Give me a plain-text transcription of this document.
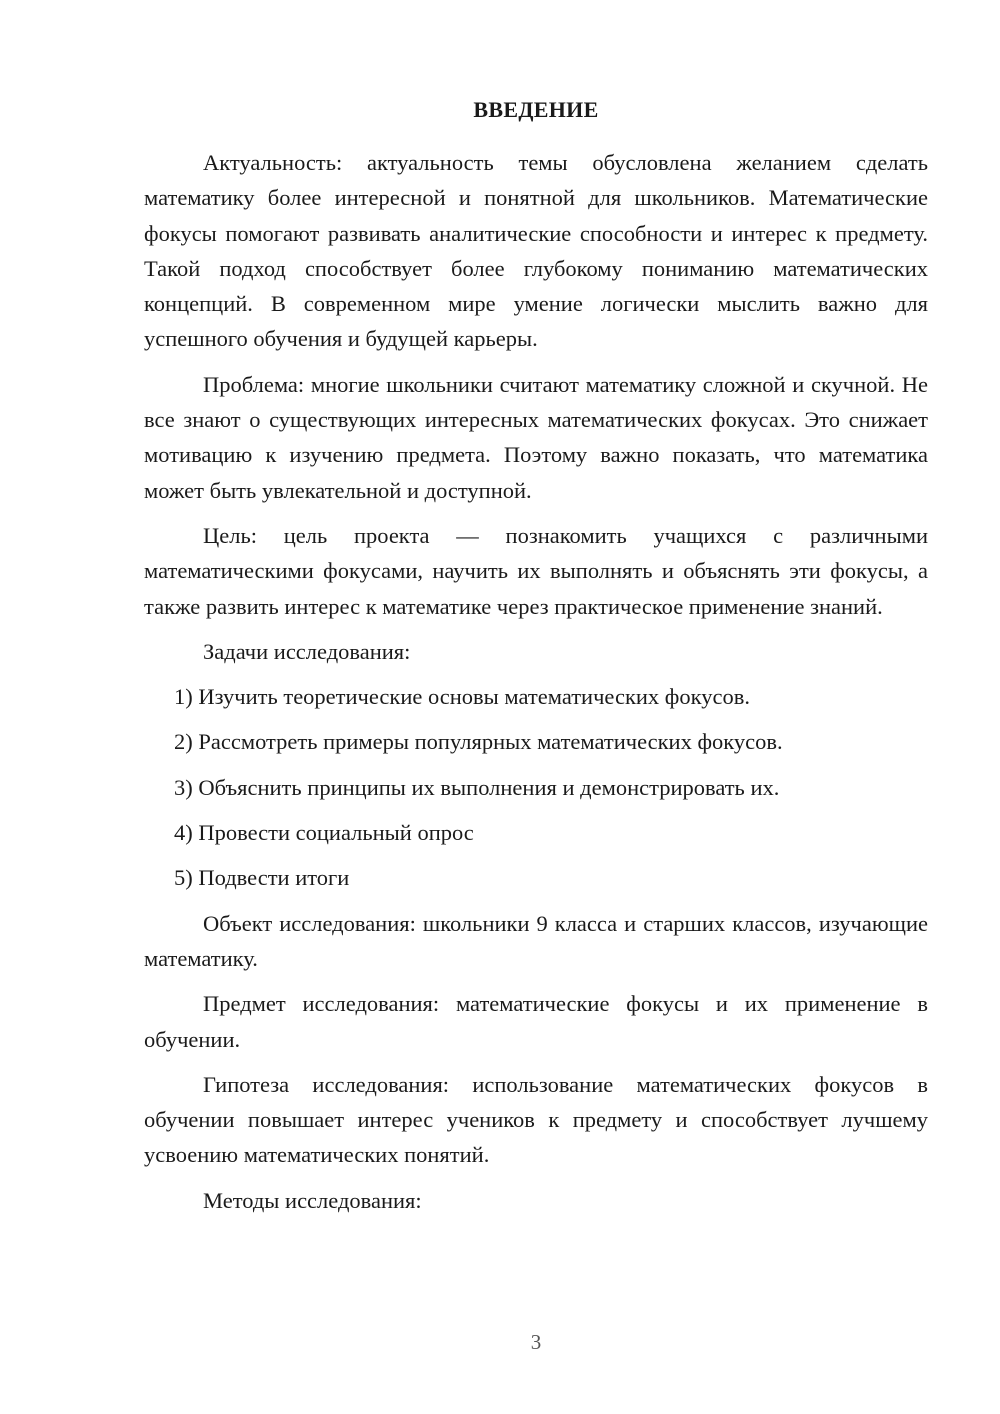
ВВЕДЕНИЕ

Актуальность: актуальность темы обусловлена желанием сделать математику более интересной и понятной для школьников. Математические фокусы помогают развивать аналитические способности и интерес к предмету. Такой подход способствует более глубокому пониманию математических концепций. В современном мире умение логически мыслить важно для успешного обучения и будущей карьеры.

Проблема: многие школьники считают математику сложной и скучной. Не все знают о существующих интересных математических фокусах. Это снижает мотивацию к изучению предмета. Поэтому важно показать, что математика может быть увлекательной и доступной.

Цель: цель проекта — познакомить учащихся с различными математическими фокусами, научить их выполнять и объяснять эти фокусы, а также развить интерес к математике через практическое применение знаний.

Задачи исследования:

1) Изучить теоретические основы математических фокусов.

2) Рассмотреть примеры популярных математических фокусов.

3) Объяснить принципы их выполнения и демонстрировать их.

4) Провести социальный опрос

5) Подвести итоги

Объект исследования: школьники 9 класса и старших классов, изучающие математику.

Предмет исследования: математические фокусы и их применение в обучении.

Гипотеза исследования: использование математических фокусов в обучении повышает интерес учеников к предмету и способствует лучшему усвоению математических понятий.

Методы исследования:

3
